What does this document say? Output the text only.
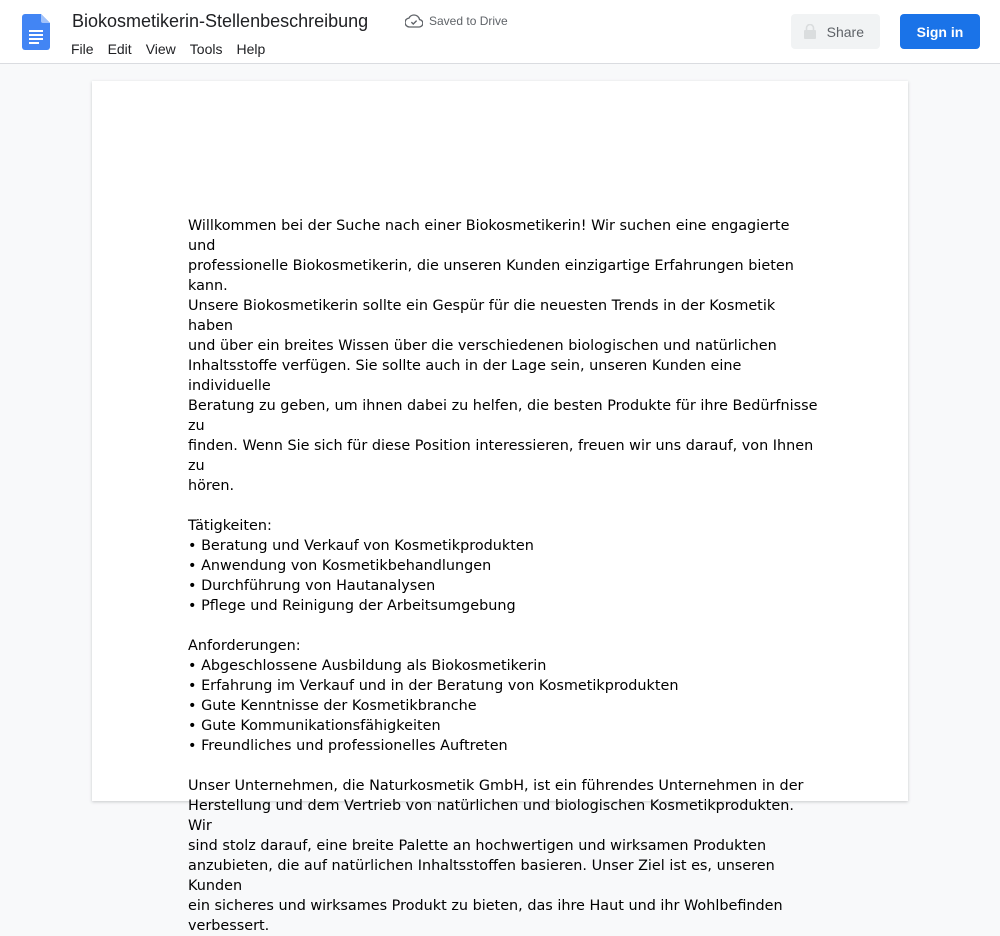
Biokosmetikerin-Stellenbeschreibung	Saved to Drive
File	Edit	View	Tools	Help
Share	Sign in

Willkommen bei der Suche nach einer Biokosmetikerin! Wir suchen eine engagierte und

professionelle Biokosmetikerin, die unseren Kunden einzigartige Erfahrungen bieten kann.

Unsere Biokosmetikerin sollte ein Gespür für die neuesten Trends in der Kosmetik haben

und über ein breites Wissen über die verschiedenen biologischen und natürlichen

Inhaltsstoffe verfügen. Sie sollte auch in der Lage sein, unseren Kunden eine individuelle

Beratung zu geben, um ihnen dabei zu helfen, die besten Produkte für ihre Bedürfnisse zu

finden. Wenn Sie sich für diese Position interessieren, freuen wir uns darauf, von Ihnen zu

hören.

Tätigkeiten:

• Beratung und Verkauf von Kosmetikprodukten

• Anwendung von Kosmetikbehandlungen

• Durchführung von Hautanalysen

• Pflege und Reinigung der Arbeitsumgebung

Anforderungen:

• Abgeschlossene Ausbildung als Biokosmetikerin

• Erfahrung im Verkauf und in der Beratung von Kosmetikprodukten

• Gute Kenntnisse der Kosmetikbranche

• Gute Kommunikationsfähigkeiten

• Freundliches und professionelles Auftreten

Unser Unternehmen, die Naturkosmetik GmbH, ist ein führendes Unternehmen in der

Herstellung und dem Vertrieb von natürlichen und biologischen Kosmetikprodukten. Wir

sind stolz darauf, eine breite Palette an hochwertigen und wirksamen Produkten

anzubieten, die auf natürlichen Inhaltsstoffen basieren. Unser Ziel ist es, unseren Kunden

ein sicheres und wirksames Produkt zu bieten, das ihre Haut und ihr Wohlbefinden

verbessert.
